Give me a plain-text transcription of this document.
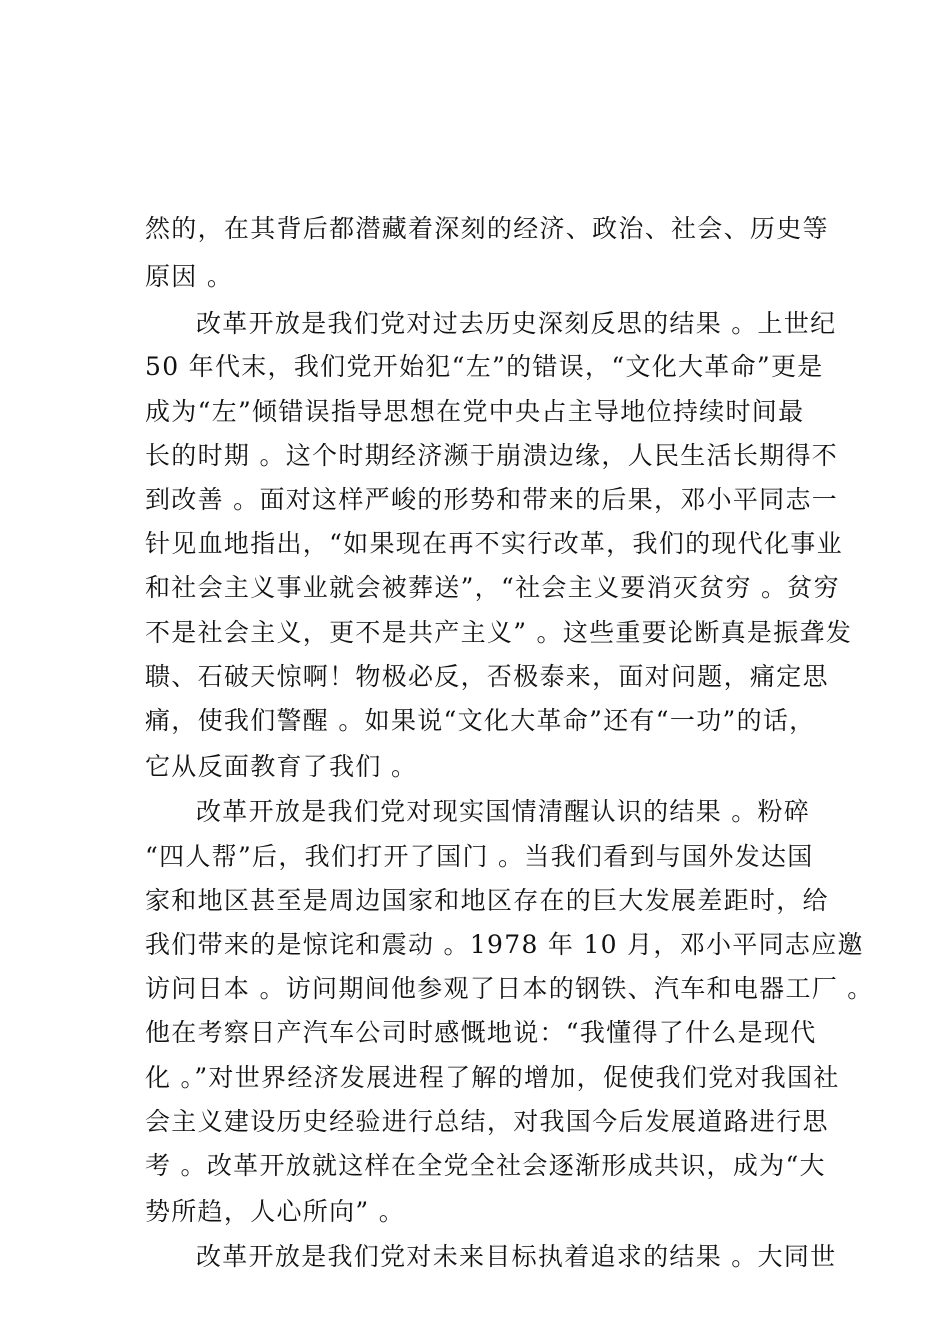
然的，在其背后都潜藏着深刻的经济、政治、社会、历史等

原因 。

改革开放是我们党对过去历史深刻反思的结果 。上世纪

50 年代末，我们党开始犯“左”的错误，“文化大革命”更是

成为“左”倾错误指导思想在党中央占主导地位持续时间最

长的时期 。这个时期经济濒于崩溃边缘，人民生活长期得不

到改善 。面对这样严峻的形势和带来的后果，邓小平同志一

针见血地指出，“如果现在再不实行改革，我们的现代化事业

和社会主义事业就会被葬送”，“社会主义要消灭贫穷 。贫穷

不是社会主义，更不是共产主义” 。这些重要论断真是振聋发

聩、石破天惊啊！物极必反，否极泰来，面对问题，痛定思

痛，使我们警醒 。如果说“文化大革命”还有“一功”的话，

它从反面教育了我们 。

改革开放是我们党对现实国情清醒认识的结果 。粉碎

“四人帮”后，我们打开了国门 。当我们看到与国外发达国

家和地区甚至是周边国家和地区存在的巨大发展差距时，给

我们带来的是惊诧和震动 。1978 年 10 月，邓小平同志应邀

访问日本 。访问期间他参观了日本的钢铁、汽车和电器工厂 。

他在考察日产汽车公司时感慨地说：“我懂得了什么是现代

化 。”对世界经济发展进程了解的增加，促使我们党对我国社

会主义建设历史经验进行总结，对我国今后发展道路进行思

考 。改革开放就这样在全党全社会逐渐形成共识，成为“大

势所趋，人心所向” 。

改革开放是我们党对未来目标执着追求的结果 。大同世
